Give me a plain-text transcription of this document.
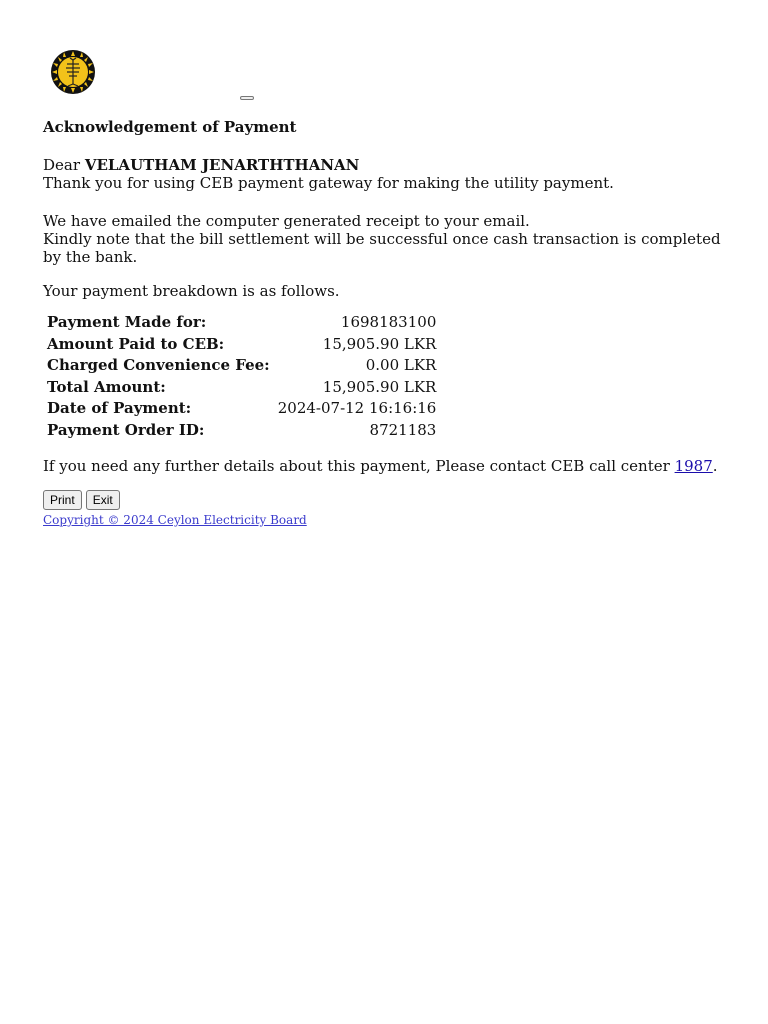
Acknowledgement of Payment

Dear VELAUTHAM JENARTHTHANAN

Thank you for using CEB payment gateway for making the utility payment.

We have emailed the computer generated receipt to your email.

Kindly note that the bill settlement will be successful once cash transaction is completed by the bank.

Your payment breakdown is as follows.

Payment Made for:	1698183100
Amount Paid to CEB:	15,905.90 LKR
Charged Convenience Fee:	0.00 LKR
Total Amount:	15,905.90 LKR
Date of Payment:	2024-07-12 16:16:16
Payment Order ID:	8721183

If you need any further details about this payment, Please contact CEB call center 1987.

Print	Exit
Copyright © 2024 Ceylon Electricity Board
